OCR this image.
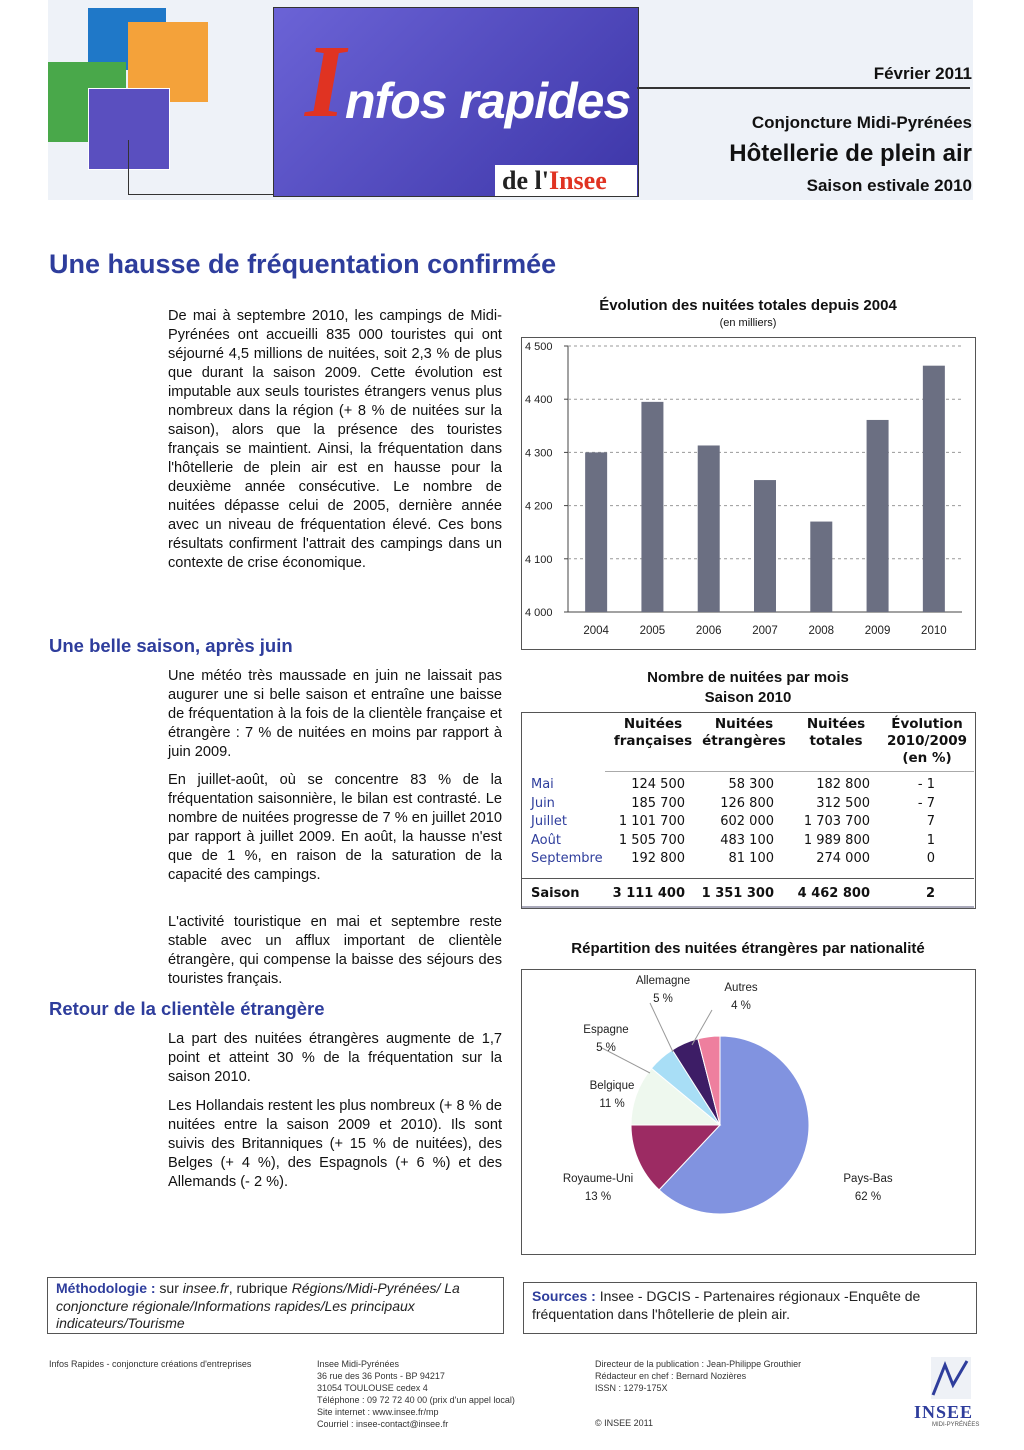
I nfos rapides
de l'Insee
Février 2011
Conjoncture Midi-Pyrénées
Hôtellerie de plein air
Saison estivale 2010
Une hausse de fréquentation confirmée

De mai à septembre 2010, les campings de Midi-Pyrénées ont accueilli 835 000 touristes qui ont séjourné 4,5 millions de nuitées, soit 2,3 % de plus que durant la saison 2009. Cette évolution est imputable aux seuls touristes étrangers venus plus nombreux dans la région (+ 8 % de nuitées sur la saison), alors que la présence des touristes français se maintient. Ainsi, la fréquentation dans l'hôtellerie de plein air est en hausse pour la deuxième année consécutive. Le nombre de nuitées dépasse celui de 2005, dernière année avec un niveau de fréquentation élevé. Ces bons résultats confirment l'attrait des campings dans un contexte de crise économique.

Une belle saison, après juin

Une météo très maussade en juin ne laissait pas augurer une si belle saison et entraîne une baisse de fréquentation à la fois de la clientèle française et étrangère : 7 % de nuitées en moins par rapport à juin 2009.

En juillet-août, où se concentre 83 % de la fréquentation saisonnière, le bilan est contrasté. Le nombre de nuitées progresse de 7 % en juillet 2010 par rapport à juillet 2009. En août, la hausse n'est que de 1 %, en raison de la saturation de la capacité des campings.

L'activité touristique en mai et septembre reste stable avec un afflux important de clientèle étrangère, qui compense la baisse des séjours des touristes français.

Retour de la clientèle étrangère

La part des nuitées étrangères augmente de 1,7 point et atteint 30 % de la fréquentation sur la saison 2010.

Les Hollandais restent les plus nombreux (+ 8 % de nuitées entre la saison 2009 et 2010). Ils sont suivis des Britanniques (+ 15 % de nuitées), des Belges (+ 4 %), des Espagnols (+ 6 %) et des Allemands (- 2 %).

Évolution des nuitées totales depuis 2004
(en milliers)
4 000
4 100
4 200
4 300
4 400
4 500
2004	2005	2006	2007	2008	2009	2010
Nombre de nuitées par mois
Saison 2010
Nuitées
françaises
Nuitées
étrangères
Nuitées
totales
Évolution
2010/2009
(en %)
Mai	124 500	58 300	182 800	- 1
Juin	185 700	126 800	312 500	- 7
Juillet	1 101 700	602 000	1 703 700	7
Août	1 505 700	483 100	1 989 800	1
Septembre	192 800	81 100	274 000	0
Saison	3 111 400	1 351 300	4 462 800	2
Répartition des nuitées étrangères par nationalité
Pays-Bas
62 %
Royaume-Uni
13 %
Belgique
11 %
Espagne
5 %
Allemagne
5 %
Autres
4 %
Méthodologie : sur insee.fr, rubrique Régions/Midi-Pyrénées/ La conjoncture régionale/Informations rapides/Les principaux indicateurs/Tourisme
Sources : Insee - DGCIS - Partenaires régionaux -Enquête de fréquentation dans l'hôtellerie de plein air.
Infos Rapides - conjoncture créations d'entreprises	Insee Midi-Pyrénées
36 rue des 36 Ponts - BP 94217
31054 TOULOUSE cedex 4
Téléphone : 09 72 72 40 00 (prix d'un appel local)
Site internet : www.insee.fr/mp
Courriel : insee-contact@insee.fr
Directeur de la publication : Jean-Philippe Grouthier
Rédacteur en chef : Bernard Nozières
ISSN : 1279-175X
© INSEE 2011
INSEE
MIDI-PYRÉNÉES
